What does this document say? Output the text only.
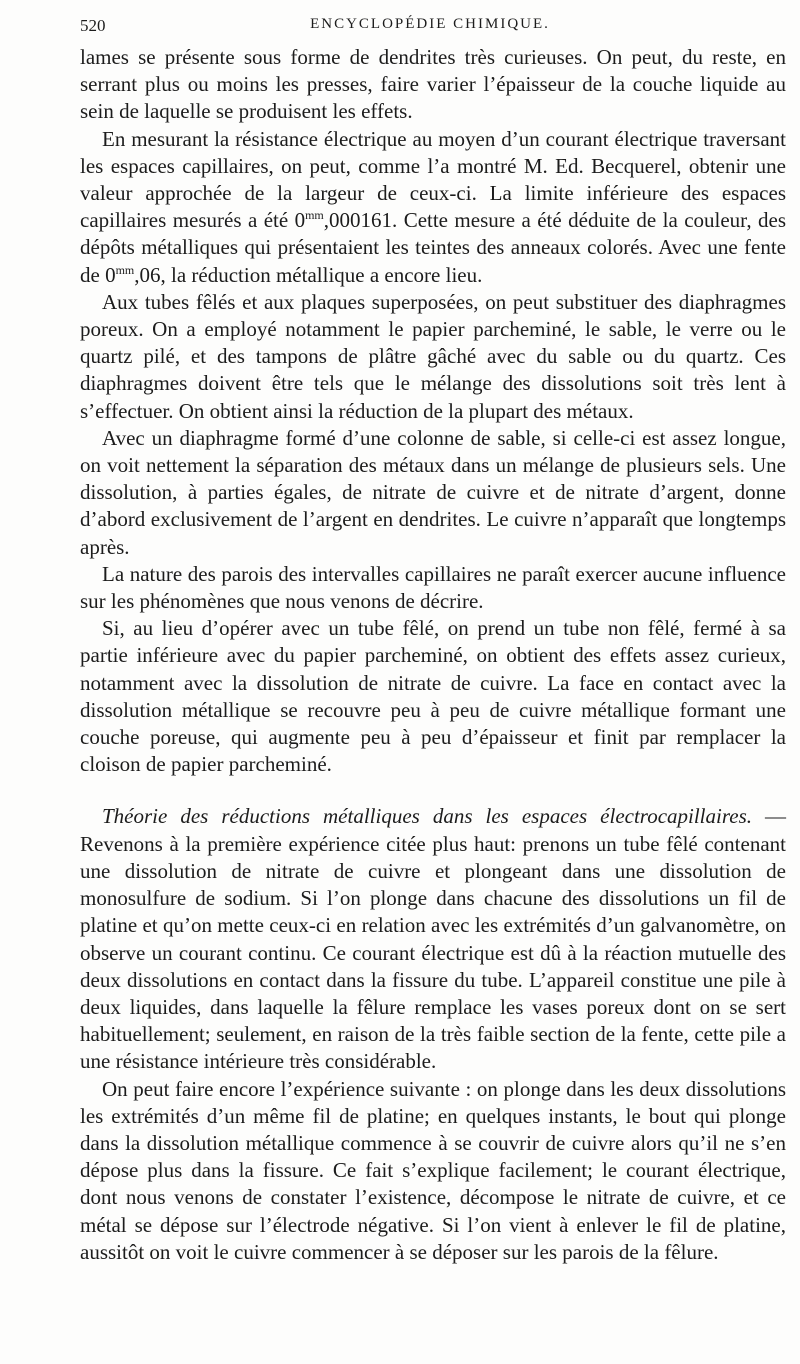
520	ENCYCLOPÉDIE CHIMIQUE.

lames se présente sous forme de dendrites très curieuses. On peut, du reste, en serrant plus ou moins les presses, faire varier l’épaisseur de la couche liquide au sein de laquelle se produisent les effets.

En mesurant la résistance électrique au moyen d’un courant électrique traversant les espaces capillaires, on peut, comme l’a montré M. Ed. Becquerel, obtenir une valeur approchée de la largeur de ceux-ci. La limite inférieure des espaces capillaires mesurés a été $0^{mm},000161$. Cette mesure a été déduite de la couleur, des dépôts métalliques qui présentaient les teintes des anneaux colorés. Avec une fente de $0^{mm},06$, la réduction métallique a encore lieu.

Aux tubes fêlés et aux plaques superposées, on peut substituer des diaphragmes poreux. On a employé notamment le papier parcheminé, le sable, le verre ou le quartz pilé, et des tampons de plâtre gâché avec du sable ou du quartz. Ces diaphragmes doivent être tels que le mélange des dissolutions soit très lent à s’effectuer. On obtient ainsi la réduction de la plupart des métaux.

Avec un diaphragme formé d’une colonne de sable, si celle-ci est assez longue, on voit nettement la séparation des métaux dans un mélange de plusieurs sels. Une dissolution, à parties égales, de nitrate de cuivre et de nitrate d’argent, donne d’abord exclusivement de l’argent en dendrites. Le cuivre n’apparaît que longtemps après.

La nature des parois des intervalles capillaires ne paraît exercer aucune influence sur les phénomènes que nous venons de décrire.

Si, au lieu d’opérer avec un tube fêlé, on prend un tube non fêlé, fermé à sa partie inférieure avec du papier parcheminé, on obtient des effets assez curieux, notamment avec la dissolution de nitrate de cuivre. La face en contact avec la dissolution métallique se recouvre peu à peu de cuivre métallique formant une couche poreuse, qui augmente peu à peu d’épaisseur et finit par remplacer la cloison de papier parcheminé.

Théorie des réductions métalliques dans les espaces électrocapillaires. — Revenons à la première expérience citée plus haut: prenons un tube fêlé contenant une dissolution de nitrate de cuivre et plongeant dans une dissolution de monosulfure de sodium. Si l’on plonge dans chacune des dissolutions un fil de platine et qu’on mette ceux-ci en relation avec les extrémités d’un galvanomètre, on observe un courant continu. Ce courant électrique est dû à la réaction mutuelle des deux dissolutions en contact dans la fissure du tube. L’appareil constitue une pile à deux liquides, dans laquelle la fêlure remplace les vases poreux dont on se sert habituellement; seulement, en raison de la très faible section de la fente, cette pile a une résistance intérieure très considérable.

On peut faire encore l’expérience suivante : on plonge dans les deux dissolutions les extrémités d’un même fil de platine; en quelques instants, le bout qui plonge dans la dissolution métallique commence à se couvrir de cuivre alors qu’il ne s’en dépose plus dans la fissure. Ce fait s’explique facilement; le courant électrique, dont nous venons de constater l’existence, décompose le nitrate de cuivre, et ce métal se dépose sur l’électrode négative. Si l’on vient à enlever le fil de platine, aussitôt on voit le cuivre commencer à se déposer sur les parois de la fêlure.
